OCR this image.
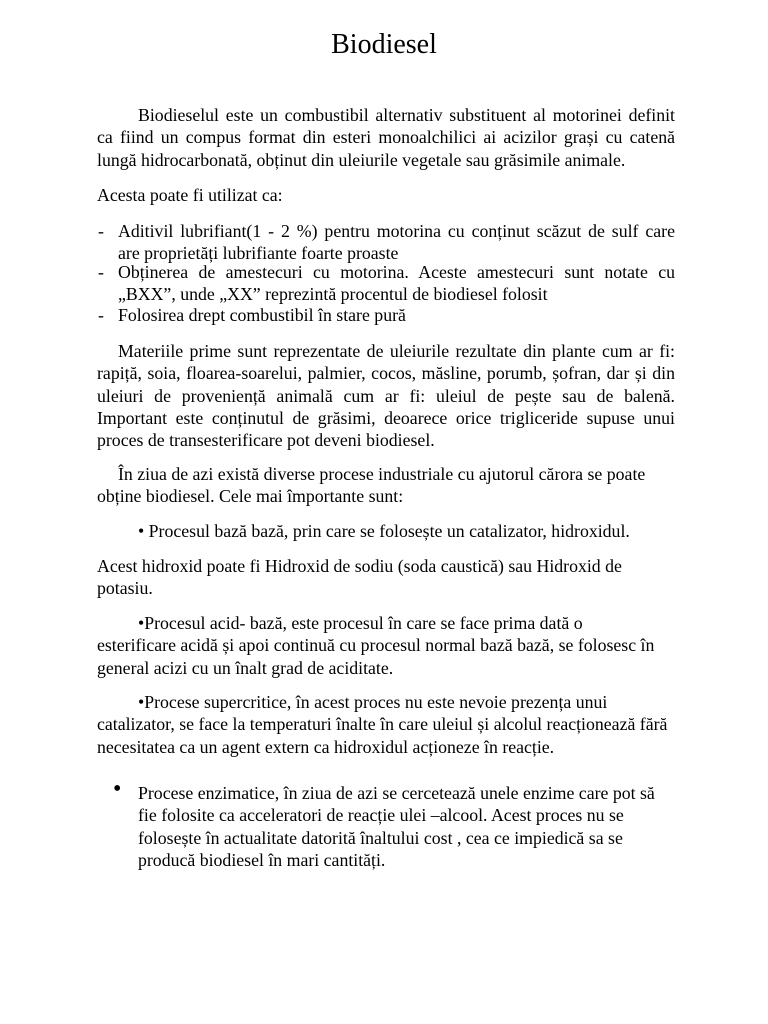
Biodiesel
Biodieselul este un combustibil alternativ substituent al motorinei definit
ca fiind un compus format din esteri monoalchilici ai acizilor grași cu catenă
lungă hidrocarbonată, obținut din uleiurile vegetale sau grăsimile animale.
Acesta poate fi utilizat ca:
- Aditivil lubrifiant(1 - 2 %) pentru motorina cu conținut scăzut de sulf care
are proprietăți lubrifiante foarte proaste
- Obținerea de amestecuri cu motorina. Aceste amestecuri sunt notate cu
„BXX”, unde „XX” reprezintă procentul de biodiesel folosit
- Folosirea drept combustibil în stare pură
Materiile prime sunt reprezentate de uleiurile rezultate din plante cum ar fi:
rapiță, soia, floarea-soarelui, palmier, cocos, măsline, porumb, șofran, dar și din
uleiuri de proveniență animală cum ar fi: uleiul de pește sau de balenă.
Important este conținutul de grăsimi, deoarece orice trigliceride supuse unui
proces de transesterificare pot deveni biodiesel.
În ziua de azi există diverse procese industriale cu ajutorul cărora se poate
obține biodiesel. Cele mai împortante sunt:
• Procesul bază bază, prin care se folosește un catalizator, hidroxidul.
Acest hidroxid poate fi Hidroxid de sodiu (soda caustică) sau Hidroxid de
potasiu.
•Procesul acid- bază, este procesul în care se face prima dată o
esterificare acidă și apoi continuă cu procesul normal bază bază, se folosesc în
general acizi cu un înalt grad de aciditate.
•Procese supercritice, în acest proces nu este nevoie prezența unui
catalizator, se face la temperaturi înalte în care uleiul și alcolul reacționează fără
necesitatea ca un agent extern ca hidroxidul acționeze în reacție.
• Procese enzimatice, în ziua de azi se cercetează unele enzime care pot să
fie folosite ca acceleratori de reacție ulei –alcool. Acest proces nu se
folosește în actualitate datorită înaltului cost , cea ce impiedică sa se
producă biodiesel în mari cantități.
